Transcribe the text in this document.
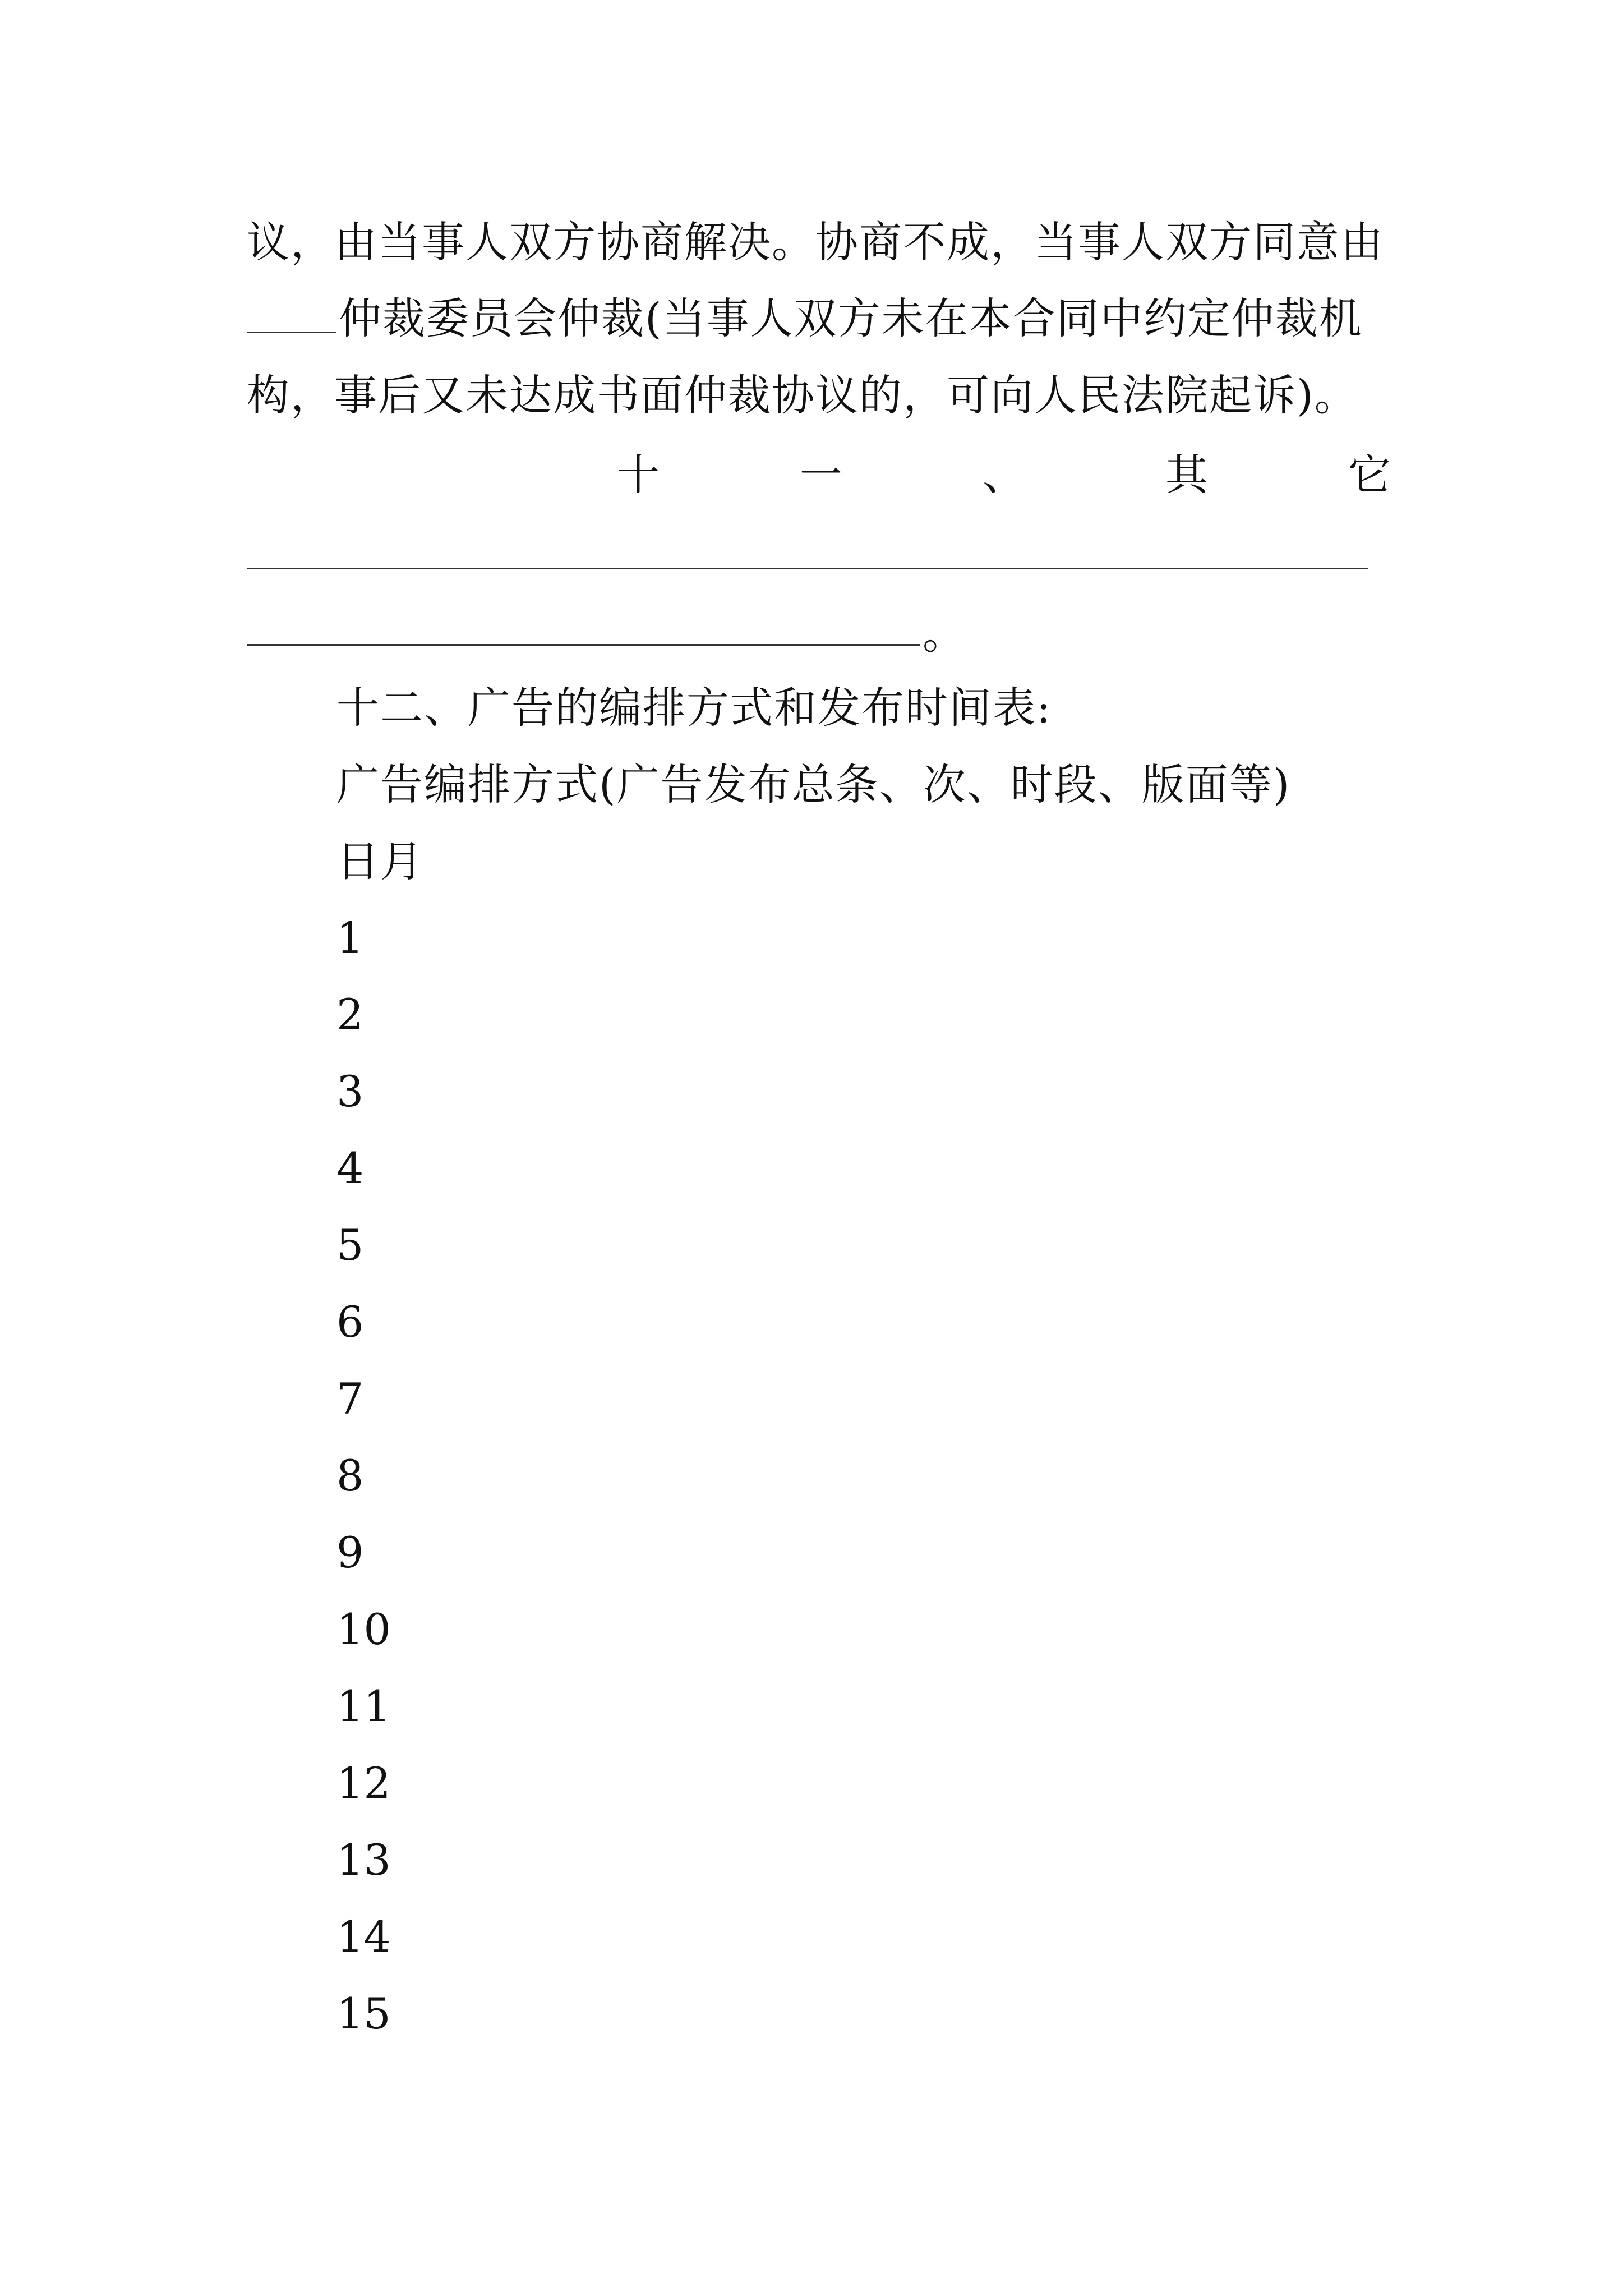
议，由当事人双方协商解决。协商不成，当事人双方同意由
仲裁委员会仲裁(当事人双方未在本合同中约定仲裁机
构，事后又未达成书面仲裁协议的，可向人民法院起诉)。
十	一	、	其	它
。
十二、广告的编排方式和发布时间表:
广告编排方式(广告发布总条、次、时段、版面等)
日月
1
2
3
4
5
6
7
8
9
10
11
12
13
14
15
